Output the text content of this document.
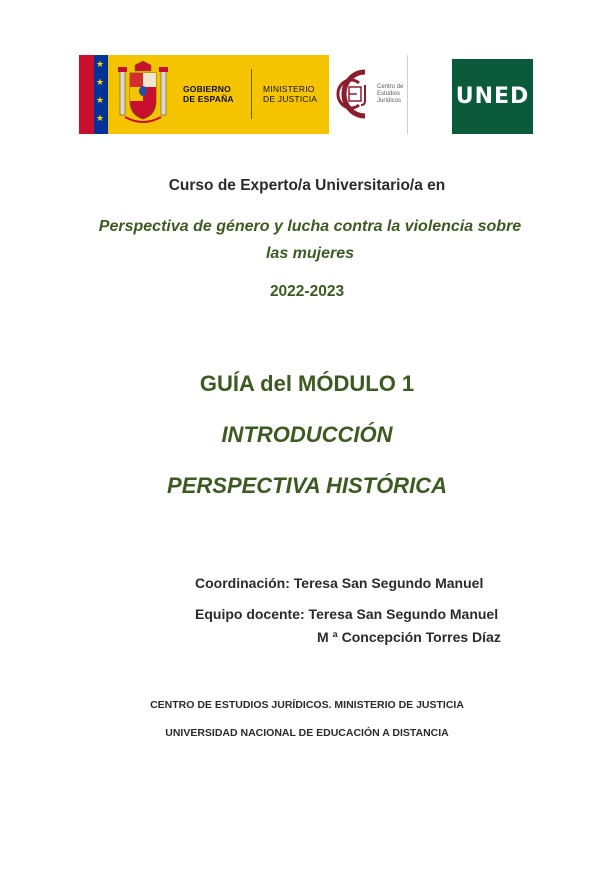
★
★
★
★
GOBIERNO
DE ESPAÑA
MINISTERIO
DE JUSTICIA
Centro de
Estudios
Jurídicos UNED
Curso de Experto/a Universitario/a en
Perspectiva de género y lucha contra la violencia sobre
las mujeres
2022-2023
GUÍA del MÓDULO 1
INTRODUCCIÓN
PERSPECTIVA HISTÓRICA
Coordinación: Teresa San Segundo Manuel
Equipo docente: Teresa San Segundo Manuel
M ª Concepción Torres Díaz
CENTRO DE ESTUDIOS JURÍDICOS. MINISTERIO DE JUSTICIA
UNIVERSIDAD NACIONAL DE EDUCACIÓN A DISTANCIA
